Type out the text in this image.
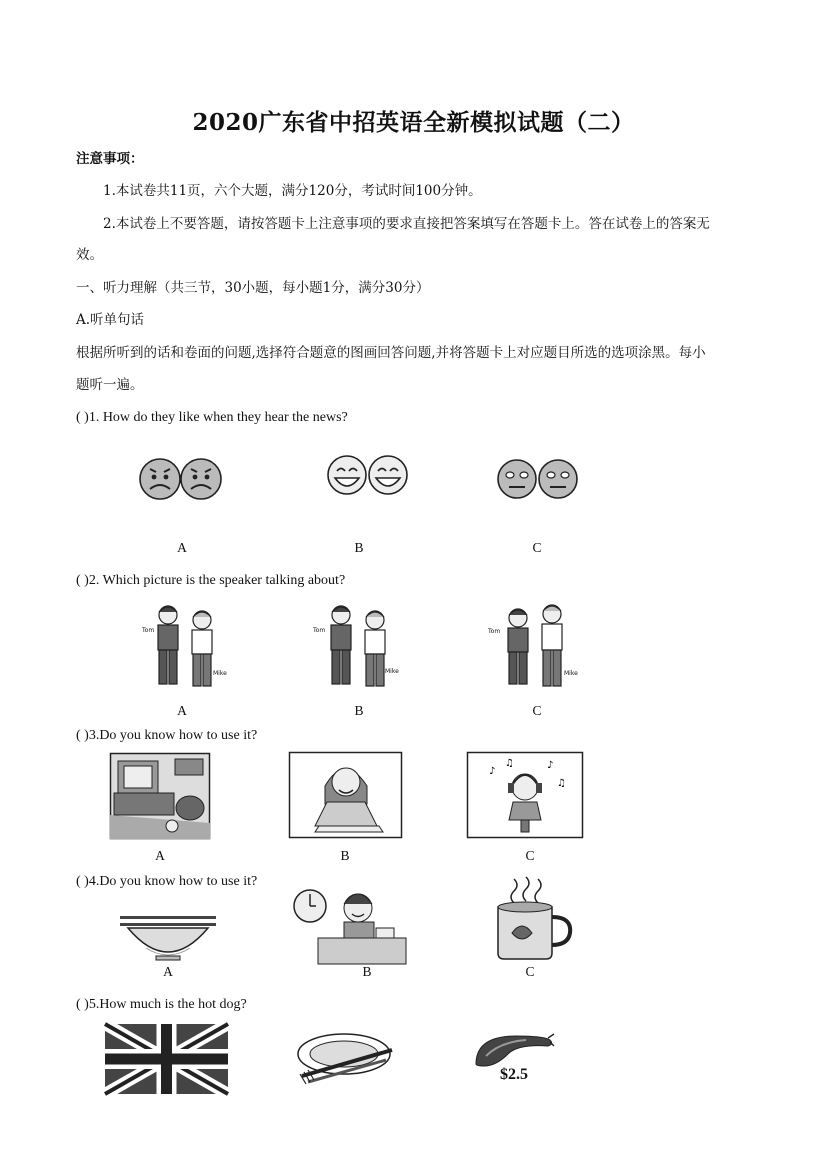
2020广东省中招英语全新模拟试题（二）
注意事项：
1.本试卷共11页，六个大题，满分120分，考试时间100分钟。
2.本试卷上不要答题，请按答题卡上注意事项的要求直接把答案填写在答题卡上。答在试卷上的答案无
效。
一、听力理解（共三节，30小题，每小题1分，满分30分）
A.听单句话
根据所听到的话和卷面的问题,选择符合题意的图画回答问题,并将答题卡上对应题目所选的选项涂黑。每小
题听一遍。
( )1. How do they like when they hear the news?
A	B	C
( )2. Which picture is the speaker talking about?
Tom
Mike
Tom
Mike
Tom
Mike
A	B	C
( )3.Do you know how to use it?
♪
♫	♪
♫
A	B	C
( )4.Do you know how to use it?
A	B	C
( )5.How much is the hot dog?
$2.5
